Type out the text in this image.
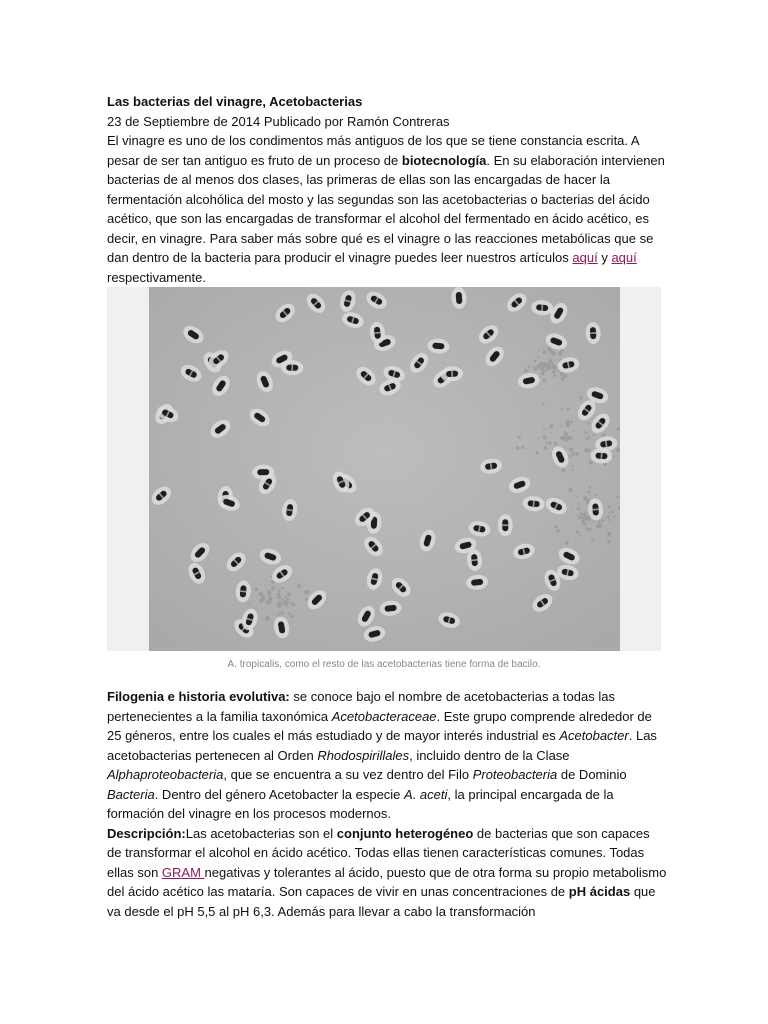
Las bacterias del vinagre, Acetobacterias

23 de Septiembre de 2014 Publicado por Ramón Contreras

El vinagre es uno de los condimentos más antiguos de los que se tiene constancia escrita. A pesar de ser tan antiguo es fruto de un proceso de biotecnología. En su elaboración intervienen bacterias de al menos dos clases, las primeras de ellas son las encargadas de hacer la fermentación alcohólica del mosto y las segundas son las acetobacterias o bacterias del ácido acético, que son las encargadas de transformar el alcohol del fermentado en ácido acético, es decir, en vinagre. Para saber más sobre qué es el vinagre o las reacciones metabólicas que se dan dentro de la bacteria para producir el vinagre puedes leer nuestros artículos aquí y aquí respectivamente.

A. tropicalis, como el resto de las acetobacterias tiene forma de bacilo.

Filogenia e historia evolutiva: se conoce bajo el nombre de acetobacterias a todas las pertenecientes a la familia taxonómica Acetobacteraceae. Este grupo comprende alrededor de 25 géneros, entre los cuales el más estudiado y de mayor interés industrial es Acetobacter. Las acetobacterias pertenecen al Orden Rhodospirillales, incluido dentro de la Clase Alphaproteobacteria, que se encuentra a su vez dentro del Filo Proteobacteria de Dominio Bacteria. Dentro del género Acetobacter la especie A. aceti, la principal encargada de la formación del vinagre en los procesos modernos.

Descripción:Las acetobacterias son el conjunto heterogéneo de bacterias que son capaces de transformar el alcohol en ácido acético. Todas ellas tienen características comunes. Todas ellas son GRAM negativas y tolerantes al ácido, puesto que de otra forma su propio metabolismo del ácido acético las mataría. Son capaces de vivir en unas concentraciones de pH ácidas que va desde el pH 5,5 al pH 6,3. Además para llevar a cabo la transformación
